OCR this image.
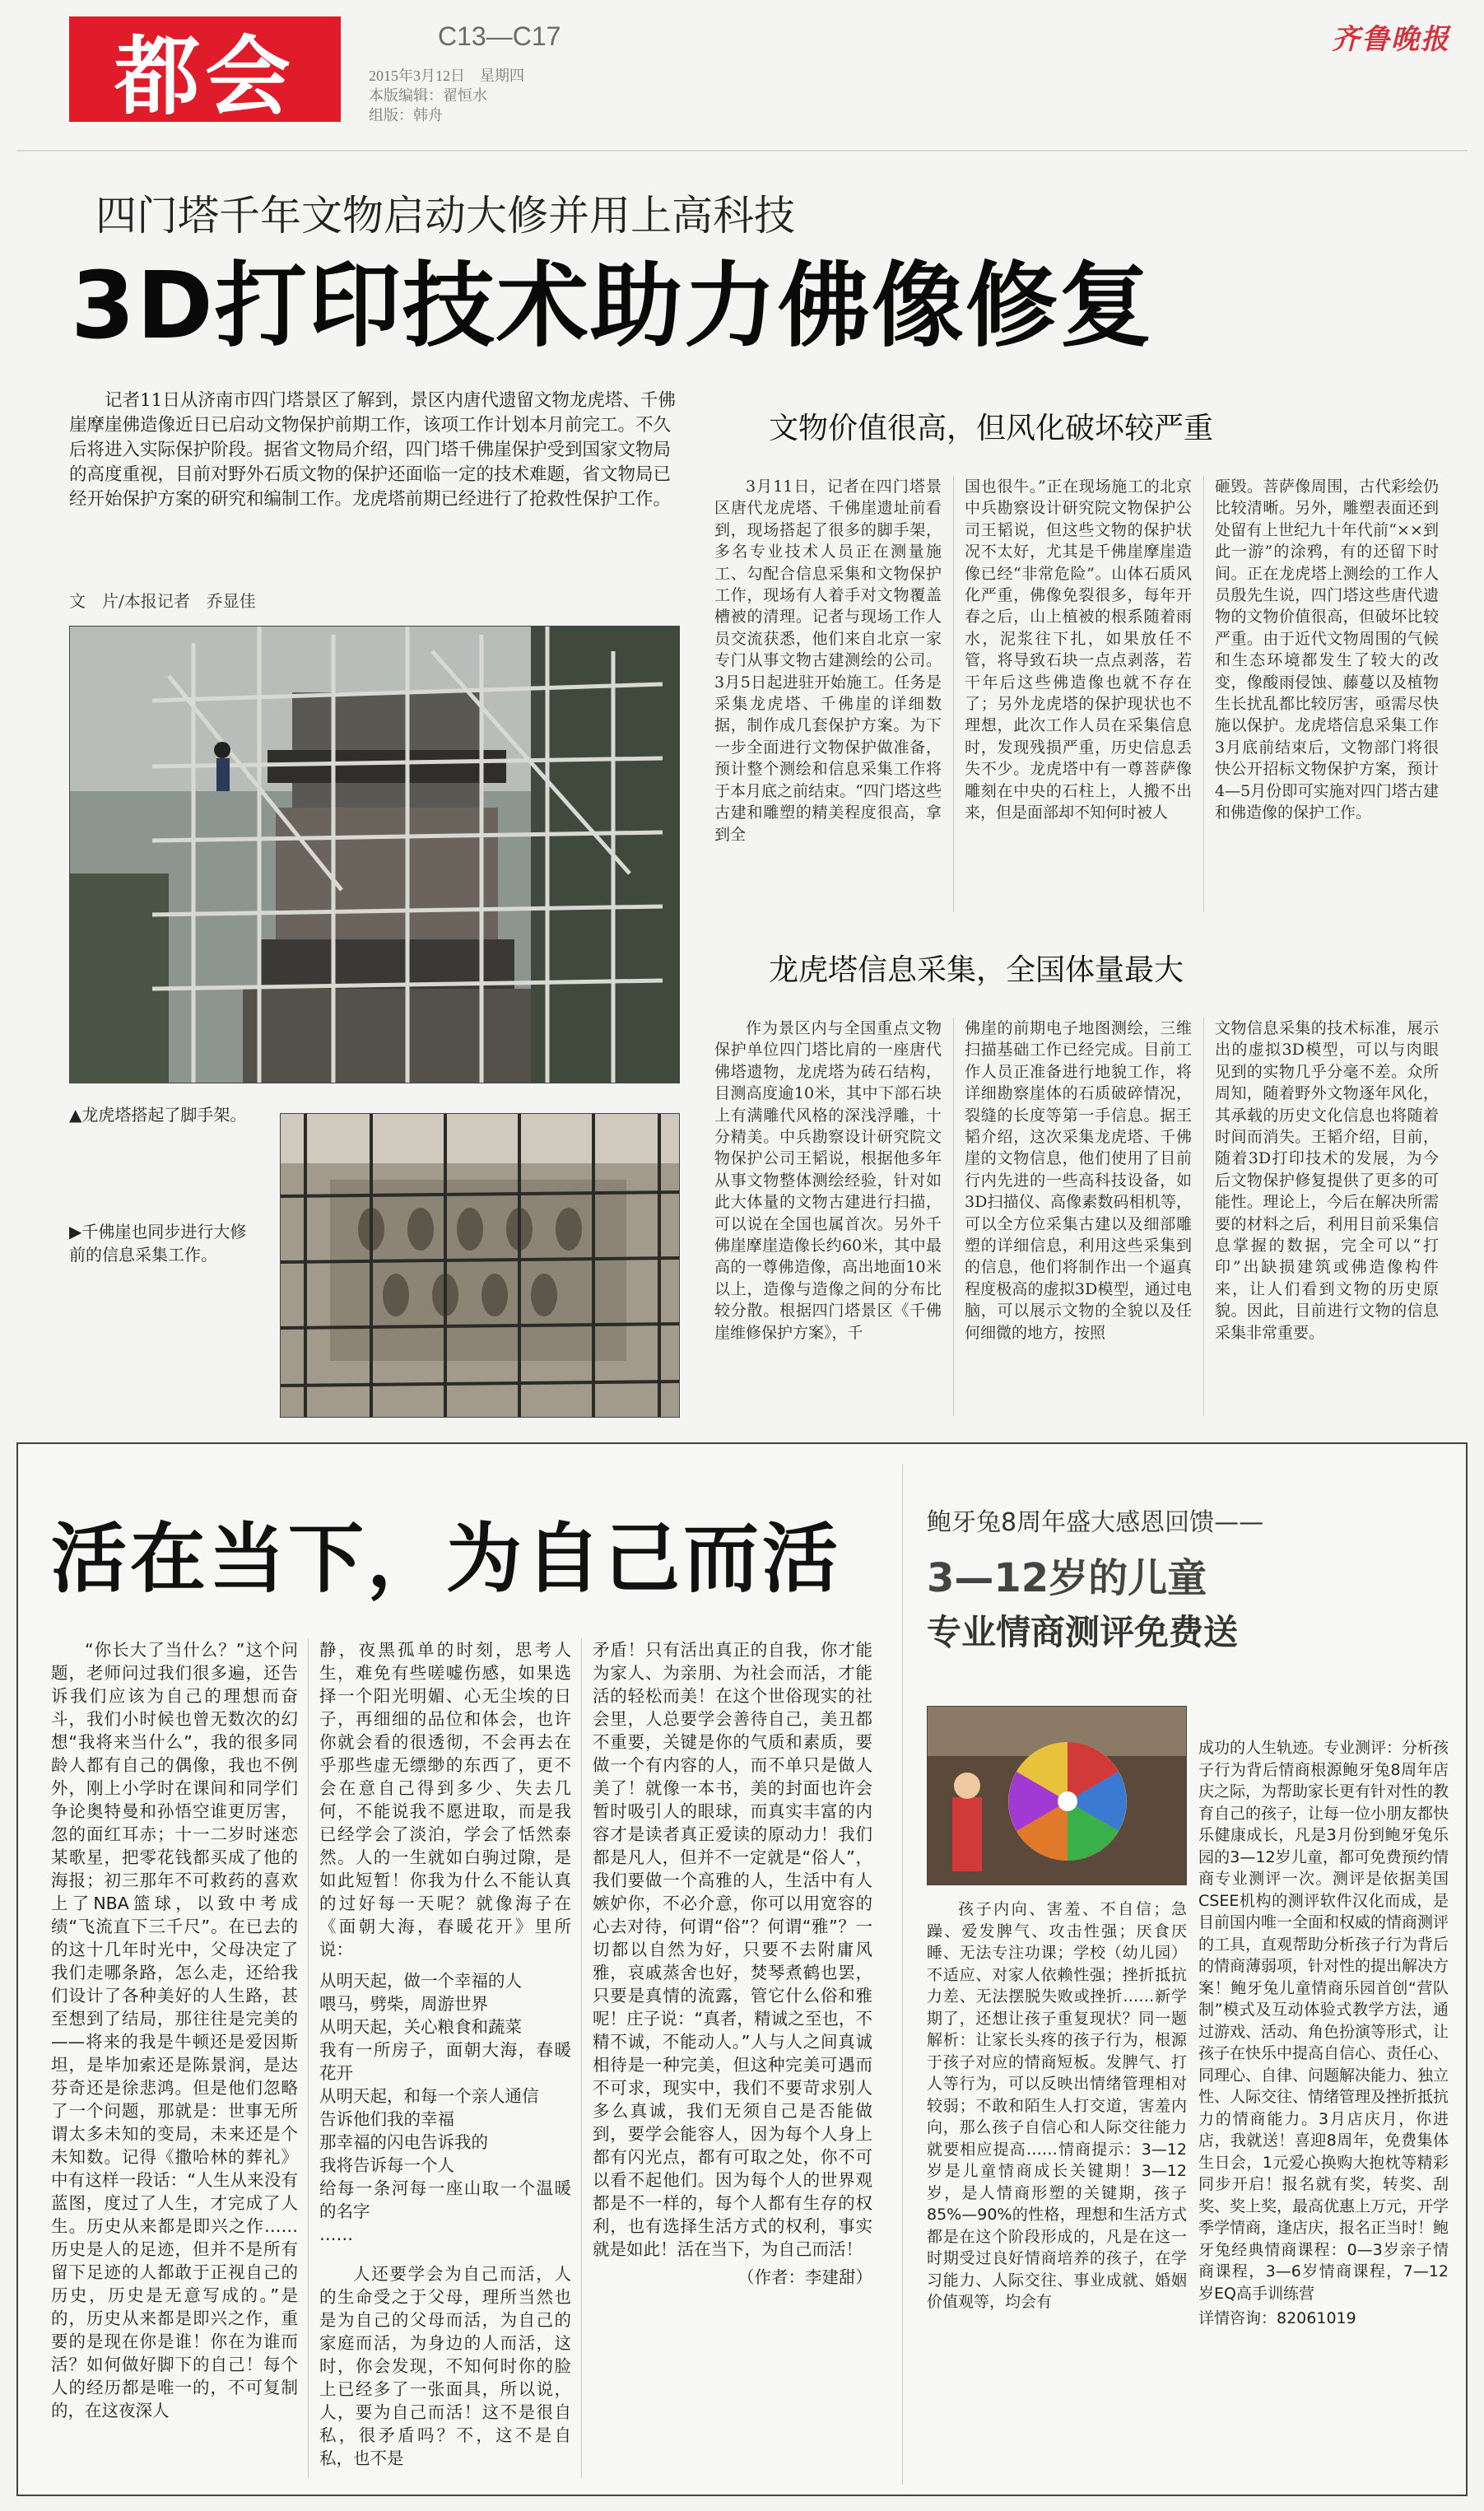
都会	C13—C17
2015年3月12日　星期四
本版编辑：翟恒水
组版：韩舟
齐鲁晚报
四门塔千年文物启动大修并用上高科技
3D打印技术助力佛像修复
记者11日从济南市四门塔景区了解到，景区内唐代遗留文物龙虎塔、千佛崖摩崖佛造像近日已启动文物保护前期工作，该项工作计划本月前完工。不久后将进入实际保护阶段。据省文物局介绍，四门塔千佛崖保护受到国家文物局的高度重视，目前对野外石质文物的保护还面临一定的技术难题，省文物局已经开始保护方案的研究和编制工作。龙虎塔前期已经进行了抢救性保护工作。
文　片/本报记者　乔显佳
▲龙虎塔搭起了脚手架。
▶千佛崖也同步进行大修前的信息采集工作。
文物价值很高，但风化破坏较严重

3月11日，记者在四门塔景区唐代龙虎塔、千佛崖遗址前看到，现场搭起了很多的脚手架，多名专业技术人员正在测量施工、勾配合信息采集和文物保护工作，现场有人着手对文物覆盖槽被的清理。记者与现场工作人员交流获悉，他们来自北京一家专门从事文物古建测绘的公司。3月5日起进驻开始施工。任务是采集龙虎塔、千佛崖的详细数据，制作成几套保护方案。为下一步全面进行文物保护做准备，预计整个测绘和信息采集工作将于本月底之前结束。“四门塔这些古建和雕塑的精美程度很高，拿到全

国也很牛。”正在现场施工的北京中兵勘察设计研究院文物保护公司王韬说，但这些文物的保护状况不太好，尤其是千佛崖摩崖造像已经“非常危险”。山体石质风化严重，佛像免裂很多，每年开春之后，山上植被的根系随着雨水，泥浆往下扎，如果放任不管，将导致石块一点点剥落，若干年后这些佛造像也就不存在了；另外龙虎塔的保护现状也不理想，此次工作人员在采集信息时，发现残损严重，历史信息丢失不少。龙虎塔中有一尊菩萨像雕刻在中央的石柱上，人搬不出来，但是面部却不知何时被人

砸毁。菩萨像周围，古代彩绘仍比较清晰。另外，雕塑表面还到处留有上世纪九十年代前“××到此一游”的涂鸦，有的还留下时间。正在龙虎塔上测绘的工作人员殷先生说，四门塔这些唐代遗物的文物价值很高，但破坏比较严重。由于近代文物周围的气候和生态环境都发生了较大的改变，像酸雨侵蚀、藤蔓以及植物生长扰乱都比较厉害，亟需尽快施以保护。龙虎塔信息采集工作3月底前结束后，文物部门将很快公开招标文物保护方案，预计4—5月份即可实施对四门塔古建和佛造像的保护工作。

龙虎塔信息采集，全国体量最大

作为景区内与全国重点文物保护单位四门塔比肩的一座唐代佛塔遗物，龙虎塔为砖石结构，目测高度逾10米，其中下部石块上有满雕代风格的深浅浮雕，十分精美。中兵勘察设计研究院文物保护公司王韬说，根据他多年从事文物整体测绘经验，针对如此大体量的文物古建进行扫描，可以说在全国也属首次。另外千佛崖摩崖造像长约60米，其中最高的一尊佛造像，高出地面10米以上，造像与造像之间的分布比较分散。根据四门塔景区《千佛崖维修保护方案》，千

佛崖的前期电子地图测绘，三维扫描基础工作已经完成。目前工作人员正准备进行地貌工作，将详细勘察崖体的石质破碎情况，裂缝的长度等第一手信息。据王韬介绍，这次采集龙虎塔、千佛崖的文物信息，他们使用了目前行内先进的一些高科技设备，如3D扫描仪、高像素数码相机等，可以全方位采集古建以及细部雕塑的详细信息，利用这些采集到的信息，他们将制作出一个逼真程度极高的虚拟3D模型，通过电脑，可以展示文物的全貌以及任何细微的地方，按照

文物信息采集的技术标准，展示出的虚拟3D模型，可以与肉眼见到的实物几乎分毫不差。众所周知，随着野外文物逐年风化，其承载的历史文化信息也将随着时间而消失。王韬介绍，目前，随着3D打印技术的发展，为今后文物保护修复提供了更多的可能性。理论上，今后在解决所需要的材料之后，利用目前采集信息掌握的数据，完全可以“打印”出缺损建筑或佛造像构件来，让人们看到文物的历史原貌。因此，目前进行文物的信息采集非常重要。

活在当下，为自己而活

“你长大了当什么？”这个问题，老师问过我们很多遍，还告诉我们应该为自己的理想而奋斗，我们小时候也曾无数次的幻想“我将来当什么”，我的很多同龄人都有自己的偶像，我也不例外，刚上小学时在课间和同学们争论奥特曼和孙悟空谁更厉害，忽的面红耳赤；十一二岁时迷恋某歌星，把零花钱都买成了他的海报；初三那年不可救药的喜欢上了NBA篮球，以致中考成绩“飞流直下三千尺”。在已去的的这十几年时光中，父母决定了我们走哪条路，怎么走，还给我们设计了各种美好的人生路，甚至想到了结局，那往往是完美的——将来的我是牛顿还是爱因斯坦，是毕加索还是陈景润，是达芬奇还是徐悲鸿。但是他们忽略了一个问题，那就是：世事无所谓太多未知的变局，未来还是个未知数。记得《撒哈林的葬礼》中有这样一段话：“人生从来没有蓝图，度过了人生，才完成了人生。历史从来都是即兴之作……历史是人的足迹，但并不是所有留下足迹的人都敢于正视自己的历史，历史是无意写成的。”是的，历史从来都是即兴之作，重要的是现在你是谁！你在为谁而活？如何做好脚下的自己！每个人的经历都是唯一的，不可复制的，在这夜深人

静，夜黑孤单的时刻，思考人生，难免有些嗟嘘伤感，如果选择一个阳光明媚、心无尘埃的日子，再细细的品位和体会，也许你就会看的很透彻，不会再去在乎那些虚无缥缈的东西了，更不会在意自己得到多少、失去几何，不能说我不愿进取，而是我已经学会了淡泊，学会了恬然泰然。人的一生就如白驹过隙，是如此短暂！你我为什么不能认真的过好每一天呢？就像海子在《面朝大海，春暖花开》里所说：

从明天起，做一个幸福的人
喂马，劈柴，周游世界
从明天起，关心粮食和蔬菜
我有一所房子，面朝大海，春暖花开
从明天起，和每一个亲人通信
告诉他们我的幸福
那幸福的闪电告诉我的
我将告诉每一个人
给每一条河每一座山取一个温暖的名字
……

人还要学会为自己而活，人的生命受之于父母，理所当然也是为自己的父母而活，为自己的家庭而活，为身边的人而活，这时，你会发现，不知何时你的脸上已经多了一张面具，所以说，人，要为自己而活！这不是很自私，很矛盾吗？不，这不是自私，也不是

矛盾！只有活出真正的自我，你才能为家人、为亲朋、为社会而活，才能活的轻松而美！在这个世俗现实的社会里，人总要学会善待自己，美丑都不重要，关键是你的气质和素质，要做一个有内容的人，而不单只是做人美了！就像一本书，美的封面也许会暂时吸引人的眼球，而真实丰富的内容才是读者真正爱读的原动力！我们都是凡人，但并不一定就是“俗人”，我们要做一个高雅的人，生活中有人嫉妒你，不必介意，你可以用宽容的心去对待，何谓“俗”？何谓“雅”？一切都以自然为好，只要不去附庸风雅，哀戚蒸舍也好，焚琴煮鹤也罢，只要是真情的流露，管它什么俗和雅呢！庄子说：“真者，精诚之至也，不精不诚，不能动人。”人与人之间真诚相待是一种完美，但这种完美可遇而不可求，现实中，我们不要苛求别人多么真诚，我们无须自己是否能做到，要学会能容人，因为每个人身上都有闪光点，都有可取之处，你不可以看不起他们。因为每个人的世界观都是不一样的，每个人都有生存的权利，也有选择生活方式的权利，事实就是如此！活在当下，为自己而活！

（作者：李建甜）
鲍牙兔8周年盛大感恩回馈——
3—12岁的儿童
专业情商测评免费送

孩子内向、害羞、不自信；急躁、爱发脾气、攻击性强；厌食厌睡、无法专注功课；学校（幼儿园）不适应、对家人依赖性强；挫折抵抗力差、无法摆脱失败或挫折……新学期了，还想让孩子重复现状？同一题解析：让家长头疼的孩子行为，根源于孩子对应的情商短板。发脾气、打人等行为，可以反映出情绪管理相对较弱；不敢和陌生人打交道，害羞内向，那么孩子自信心和人际交往能力就要相应提高……情商提示：3—12岁是儿童情商成长关键期！3—12岁，是人情商形塑的关键期，孩子85%—90%的性格，理想和生活方式都是在这个阶段形成的，凡是在这一时期受过良好情商培养的孩子，在学习能力、人际交往、事业成就、婚姻价值观等，均会有

成功的人生轨迹。专业测评：分析孩子行为背后情商根源鲍牙兔8周年店庆之际，为帮助家长更有针对性的教育自己的孩子，让每一位小朋友都快乐健康成长，凡是3月份到鲍牙兔乐园的3—12岁儿童，都可免费预约情商专业测评一次。测评是依据美国CSEE机构的测评软件汉化而成，是目前国内唯一全面和权威的情商测评的工具，直观帮助分析孩子行为背后的情商薄弱项，针对性的提出解决方案！鲍牙兔儿童情商乐园首创“营队制”模式及互动体验式教学方法，通过游戏、活动、角色扮演等形式，让孩子在快乐中提高自信心、责任心、同理心、自律、问题解决能力、独立性、人际交往、情绪管理及挫折抵抗力的情商能力。3月店庆月，你进店，我就送！喜迎8周年，免费集体生日会，1元爱心换购大抱枕等精彩同步开启！报名就有奖，转奖、刮奖、奖上奖，最高优惠上万元，开学季学情商，逢店庆，报名正当时！鲍牙兔经典情商课程：0—3岁亲子情商课程，3—6岁情商课程，7—12岁EQ高手训练营

详情咨询：82061019
